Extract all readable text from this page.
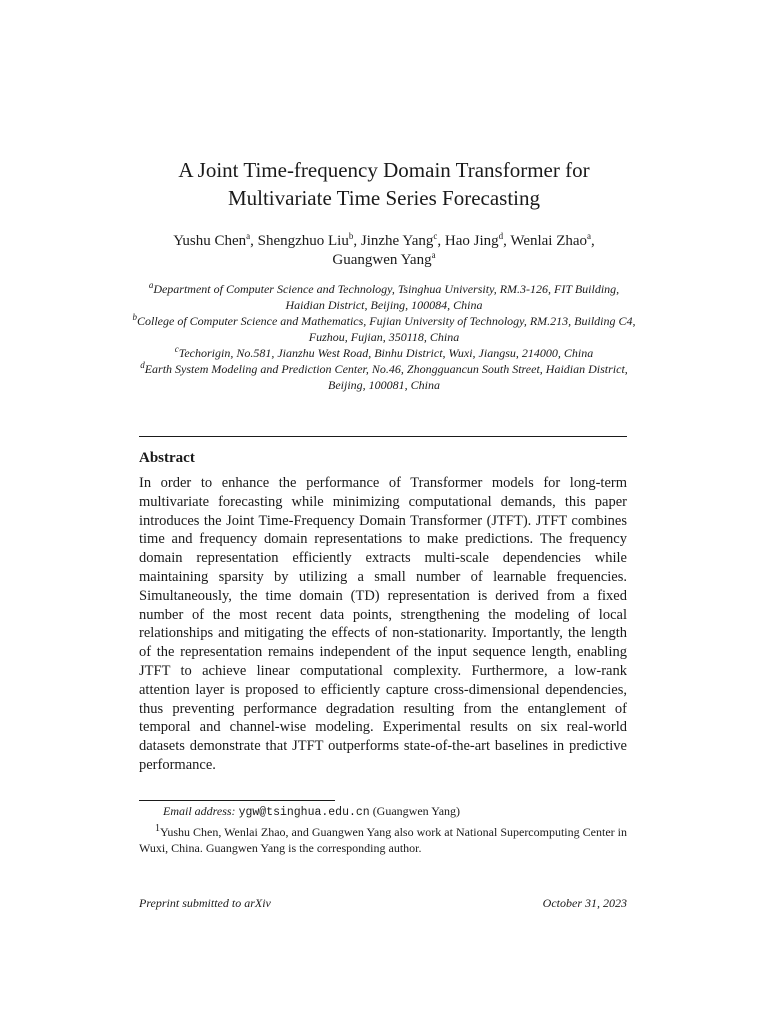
A Joint Time-frequency Domain Transformer for
Multivariate Time Series Forecasting
Yushu Chen$^a$, Shengzhuo Liu$^b$, Jinzhe Yang$^c$, Hao Jing$^d$, Wenlai Zhao$^a$,
Guangwen Yang$^a$

$^a$Department of Computer Science and Technology, Tsinghua University, RM.3-126, FIT Building, Haidian District, Beijing, 100084, China

$^b$College of Computer Science and Mathematics, Fujian University of Technology, RM.213, Building C4, Fuzhou, Fujian, 350118, China

$^c$Techorigin, No.581, Jianzhu West Road, Binhu District, Wuxi, Jiangsu, 214000, China

$^d$Earth System Modeling and Prediction Center, No.46, Zhongguancun South Street, Haidian District, Beijing, 100081, China

Abstract
In order to enhance the performance of Transformer models for long-term multivariate forecasting while minimizing computational demands, this paper introduces the Joint Time-Frequency Domain Transformer (JTFT). JTFT combines time and frequency domain representations to make predictions. The frequency domain representation efficiently extracts multi-scale dependencies while maintaining sparsity by utilizing a small number of learnable frequencies. Simultaneously, the time domain (TD) representation is derived from a fixed number of the most recent data points, strengthening the modeling of local relationships and mitigating the effects of non-stationarity. Importantly, the length of the representation remains independent of the input sequence length, enabling JTFT to achieve linear computational complexity. Furthermore, a low-rank attention layer is proposed to efficiently capture cross-dimensional dependencies, thus preventing performance degradation resulting from the entanglement of temporal and channel-wise modeling. Experimental results on six real-world datasets demonstrate that JTFT outperforms state-of-the-art baselines in predictive performance.
Email address: ygw@tsinghua.edu.cn (Guangwen Yang)
$^1$Yushu Chen, Wenlai Zhao, and Guangwen Yang also work at National Supercomputing Center in Wuxi, China. Guangwen Yang is the corresponding author.
Preprint submitted to arXiv	October 31, 2023
